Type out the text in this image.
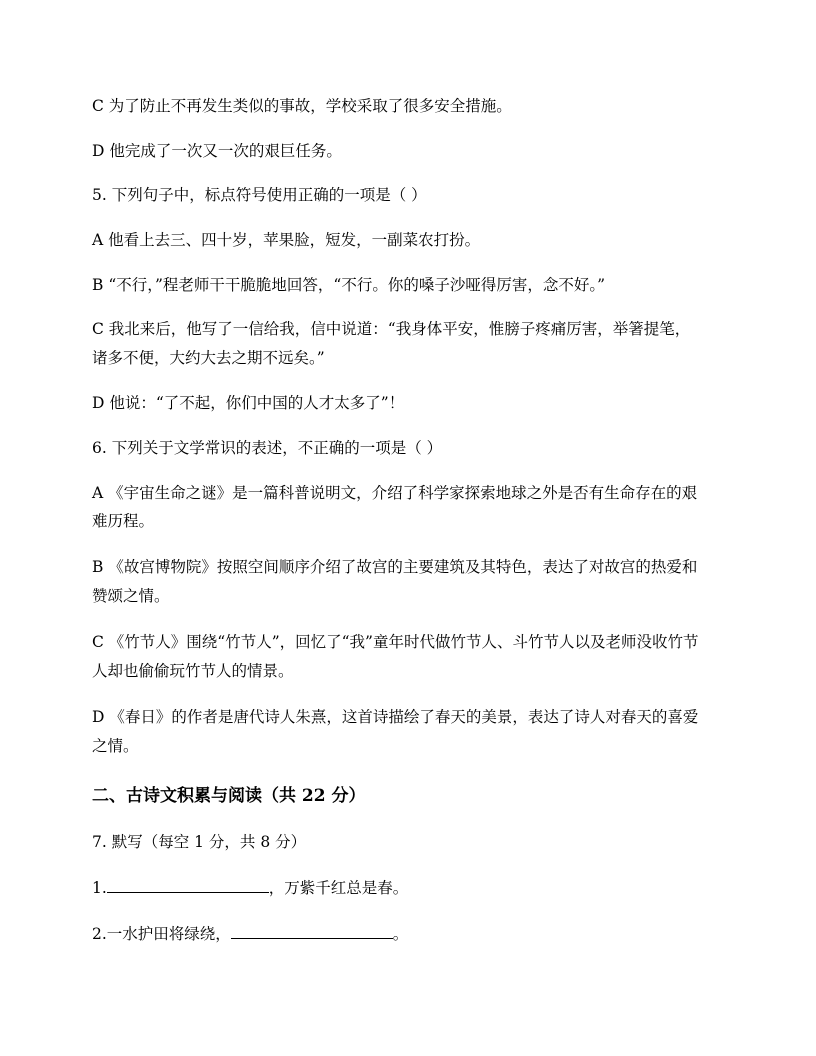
C 为了防止不再发生类似的事故，学校采取了很多安全措施。
D 他完成了一次又一次的艰巨任务。
5. 下列句子中，标点符号使用正确的一项是（ ）
A 他看上去三、四十岁，苹果脸，短发，一副菜农打扮。
B “不行，”程老师干干脆脆地回答，“不行。你的嗓子沙哑得厉害，念不好。”
C 我北来后，他写了一信给我，信中说道：“我身体平安，惟膀子疼痛厉害，举箸提笔，
诸多不便，大约大去之期不远矣。”
D 他说：“了不起，你们中国的人才太多了”！
6. 下列关于文学常识的表述，不正确的一项是（ ）
A 《宇宙生命之谜》是一篇科普说明文，介绍了科学家探索地球之外是否有生命存在的艰
难历程。
B 《故宫博物院》按照空间顺序介绍了故宫的主要建筑及其特色，表达了对故宫的热爱和
赞颂之情。
C 《竹节人》围绕“竹节人”，回忆了“我”童年时代做竹节人、斗竹节人以及老师没收竹节
人却也偷偷玩竹节人的情景。
D 《春日》的作者是唐代诗人朱熹，这首诗描绘了春天的美景，表达了诗人对春天的喜爱
之情。
二、古诗文积累与阅读（共 22 分）
7. 默写（每空 1 分，共 8 分）
1.	，万紫千红总是春。
2.一水护田将绿绕，	。
